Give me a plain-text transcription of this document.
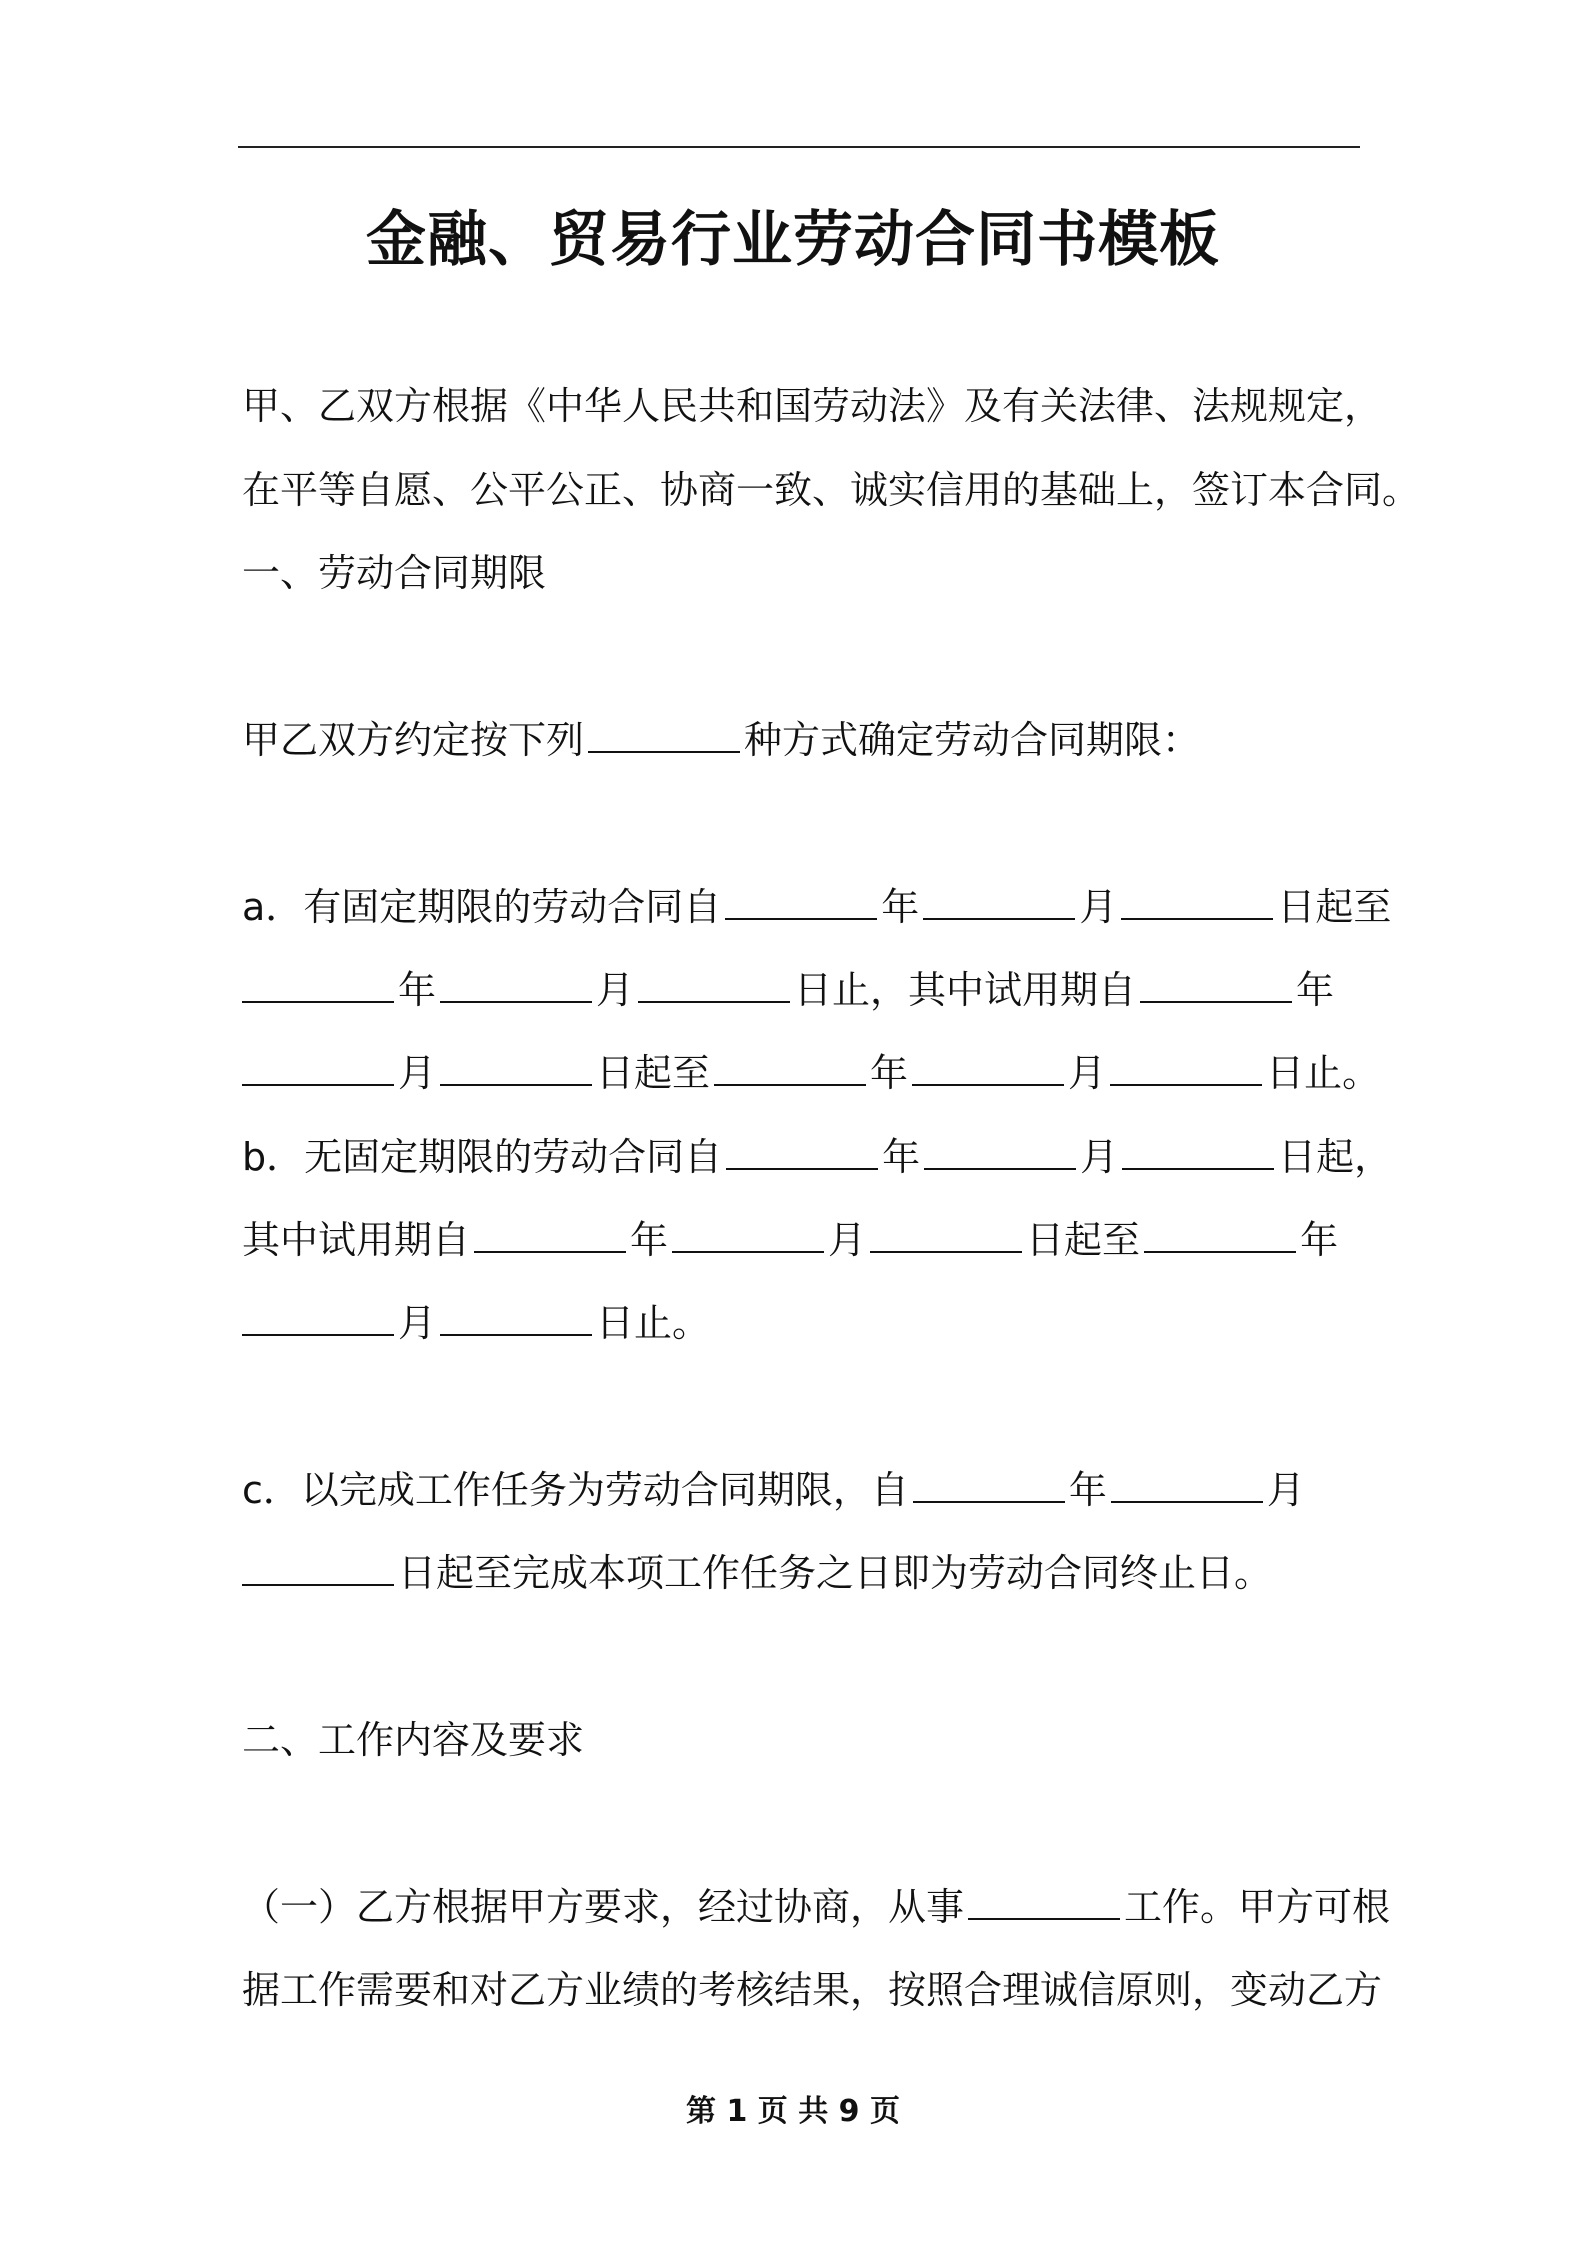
金融、贸易行业劳动合同书模板
甲、乙双方根据《中华人民共和国劳动法》及有关法律、法规规定，
在平等自愿、公平公正、协商一致、诚实信用的基础上，签订本合同。
一、劳动合同期限
甲乙双方约定按下列	种方式确定劳动合同期限：
a．有固定期限的劳动合同自	年	月	日起至
年	月	日止，其中试用期自	年
月	日起至	年	月	日止。
b．无固定期限的劳动合同自	年	月	日起，
其中试用期自	年	月	日起至	年
月	日止。
c．以完成工作任务为劳动合同期限，自	年	月
日起至完成本项工作任务之日即为劳动合同终止日。
二、工作内容及要求
（一）乙方根据甲方要求，经过协商，从事	工作。甲方可根
据工作需要和对乙方业绩的考核结果，按照合理诚信原则，变动乙方
第 1 页 共 9 页
